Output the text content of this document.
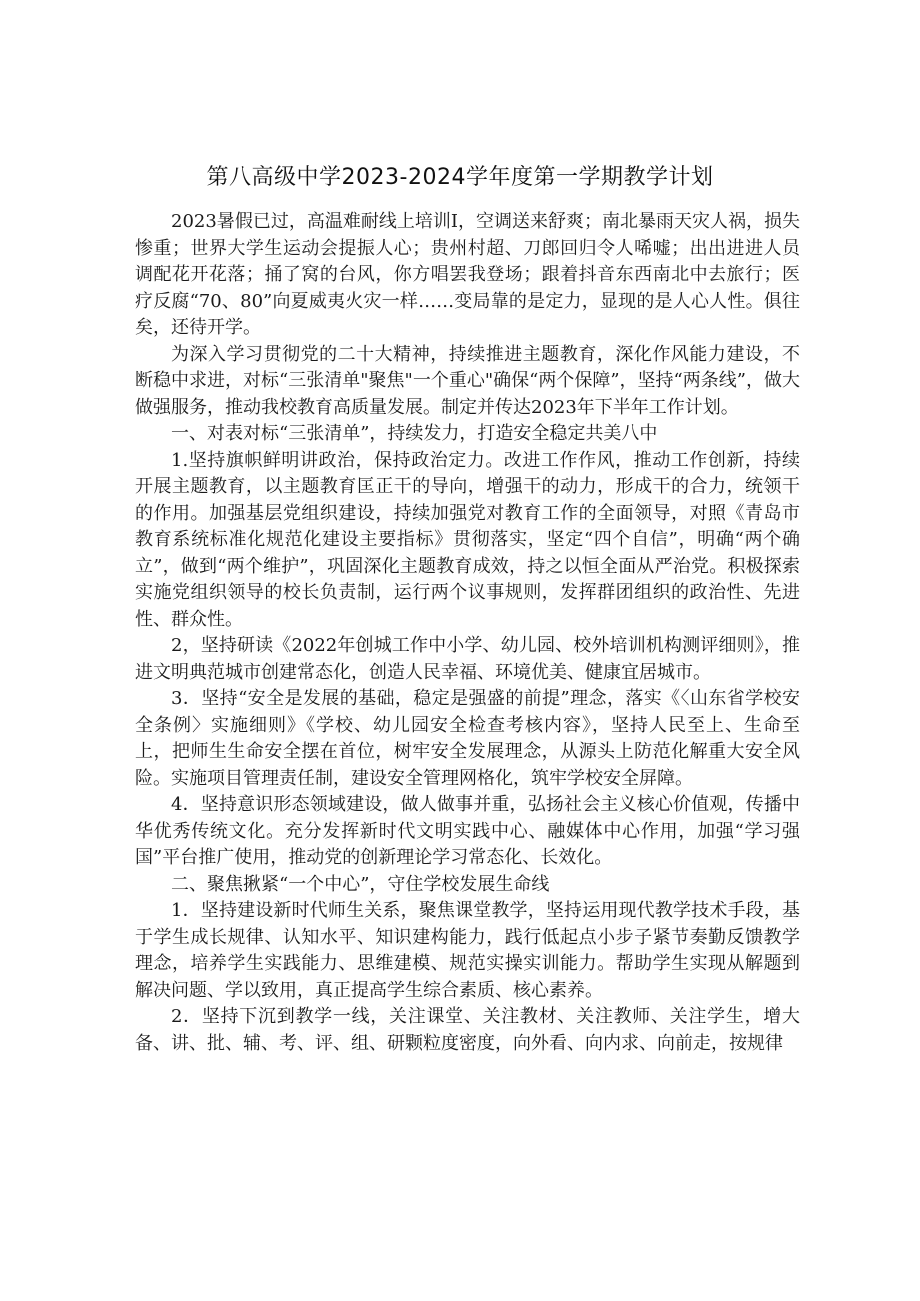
第八高级中学2023-2024学年度第一学期教学计划

2023暑假已过，高温难耐线上培训I，空调送来舒爽；南北暴雨天灾人祸，损失惨重；世界大学生运动会提振人心；贵州村超、刀郎回归令人唏嘘；出出进进人员调配花开花落；捅了窝的台风，你方唱罢我登场；跟着抖音东西南北中去旅行；医疗反腐“70、80”向夏威夷火灾一样……变局靠的是定力，显现的是人心人性。俱往矣，还待开学。

为深入学习贯彻党的二十大精神，持续推进主题教育，深化作风能力建设，不断稳中求进，对标“三张清单"聚焦"一个重心"确保“两个保障”，坚持“两条线”，做大做强服务，推动我校教育高质量发展。制定并传达2023年下半年工作计划。

一、对表对标“三张清单”，持续发力，打造安全稳定共美八中

1.坚持旗帜鲜明讲政治，保持政治定力。改进工作作风，推动工作创新，持续开展主题教育，以主题教育匡正干的导向，增强干的动力，形成干的合力，统领干的作用。加强基层党组织建设，持续加强党对教育工作的全面领导，对照《青岛市教育系统标准化规范化建设主要指标》贯彻落实，坚定“四个自信”，明确“两个确立”，做到“两个维护”，巩固深化主题教育成效，持之以恒全面从严治党。积极探索实施党组织领导的校长负责制，运行两个议事规则，发挥群团组织的政治性、先进性、群众性。

2，坚持研读《2022年创城工作中小学、幼儿园、校外培训机构测评细则》，推进文明典范城市创建常态化，创造人民幸福、环境优美、健康宜居城市。

3．坚持“安全是发展的基础，稳定是强盛的前提”理念，落实《〈山东省学校安全条例〉实施细则》《学校、幼儿园安全检查考核内容》，坚持人民至上、生命至上，把师生生命安全摆在首位，树牢安全发展理念，从源头上防范化解重大安全风险。实施项目管理责任制，建设安全管理网格化，筑牢学校安全屏障。

4．坚持意识形态领域建设，做人做事并重，弘扬社会主义核心价值观，传播中华优秀传统文化。充分发挥新时代文明实践中心、融媒体中心作用，加强“学习强国”平台推广使用，推动党的创新理论学习常态化、长效化。

二、聚焦揪紧“一个中心”，守住学校发展生命线

1．坚持建设新时代师生关系，聚焦课堂教学，坚持运用现代教学技术手段，基于学生成长规律、认知水平、知识建构能力，践行低起点小步子紧节奏勤反馈教学理念，培养学生实践能力、思维建模、规范实操实训能力。帮助学生实现从解题到解决问题、学以致用，真正提高学生综合素质、核心素养。

2．坚持下沉到教学一线，关注课堂、关注教材、关注教师、关注学生，增大备、讲、批、辅、考、评、组、研颗粒度密度，向外看、向内求、向前走，按规律
